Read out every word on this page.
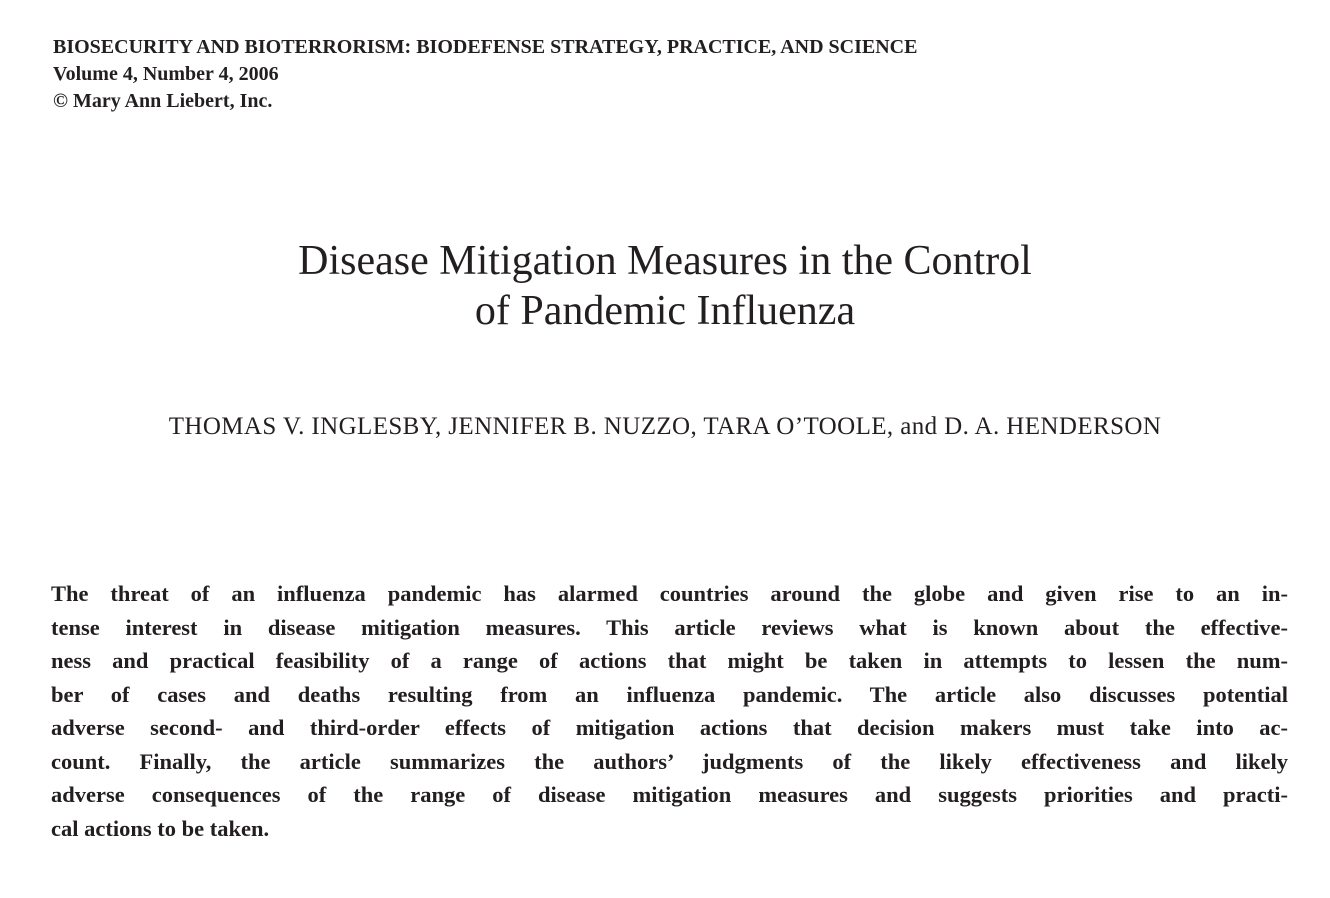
BIOSECURITY AND BIOTERRORISM: BIODEFENSE STRATEGY, PRACTICE, AND SCIENCE
Volume 4, Number 4, 2006
© Mary Ann Liebert, Inc.
Disease Mitigation Measures in the Control
of Pandemic Influenza
THOMAS V. INGLESBY, JENNIFER B. NUZZO, TARA O’TOOLE, and D. A. HENDERSON
The threat of an influenza pandemic has alarmed countries around the globe and given rise to an in-
tense interest in disease mitigation measures. This article reviews what is known about the effective-
ness and practical feasibility of a range of actions that might be taken in attempts to lessen the num-
ber of cases and deaths resulting from an influenza pandemic. The article also discusses potential
adverse second- and third-order effects of mitigation actions that decision makers must take into ac-
count. Finally, the article summarizes the authors’ judgments of the likely effectiveness and likely
adverse consequences of the range of disease mitigation measures and suggests priorities and practi-
cal actions to be taken.
